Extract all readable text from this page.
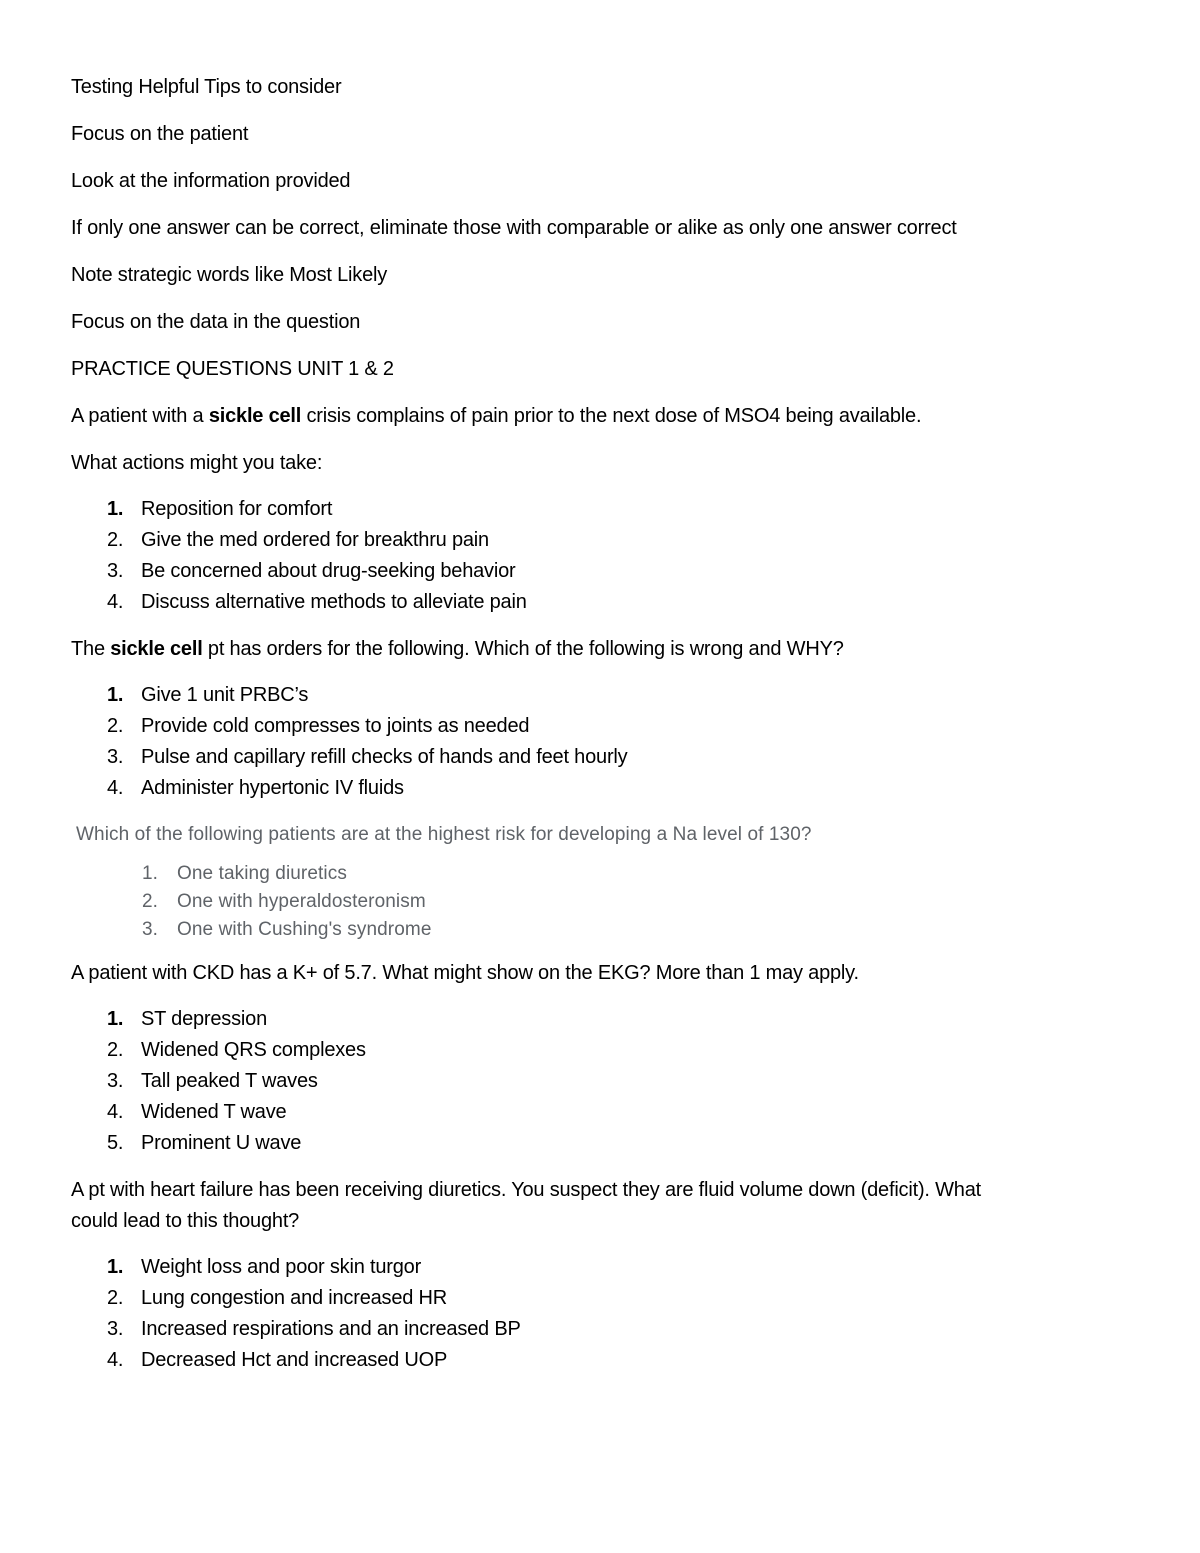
Testing Helpful Tips to consider

Focus on the patient

Look at the information provided

If only one answer can be correct, eliminate those with comparable or alike as only one answer correct

Note strategic words like Most Likely

Focus on the data in the question

PRACTICE QUESTIONS UNIT 1 & 2

A patient with a sickle cell crisis complains of pain prior to the next dose of MSO4 being available.

What actions might you take:

1. Reposition for comfort
2. Give the med ordered for breakthru pain
3. Be concerned about drug-seeking behavior
4. Discuss alternative methods to alleviate pain

The sickle cell pt has orders for the following. Which of the following is wrong and WHY?

1. Give 1 unit PRBC’s
2. Provide cold compresses to joints as needed
3. Pulse and capillary refill checks of hands and feet hourly
4. Administer hypertonic IV fluids

Which of the following patients are at the highest risk for developing a Na level of 130?

1. One taking diuretics
2. One with hyperaldosteronism
3. One with Cushing's syndrome

A patient with CKD has a K+ of 5.7. What might show on the EKG? More than 1 may apply.

1. ST depression
2. Widened QRS complexes
3. Tall peaked T waves
4. Widened T wave
5. Prominent U wave

A pt with heart failure has been receiving diuretics. You suspect they are fluid volume down (deficit). What
could lead to this thought?

1. Weight loss and poor skin turgor
2. Lung congestion and increased HR
3. Increased respirations and an increased BP
4. Decreased Hct and increased UOP
